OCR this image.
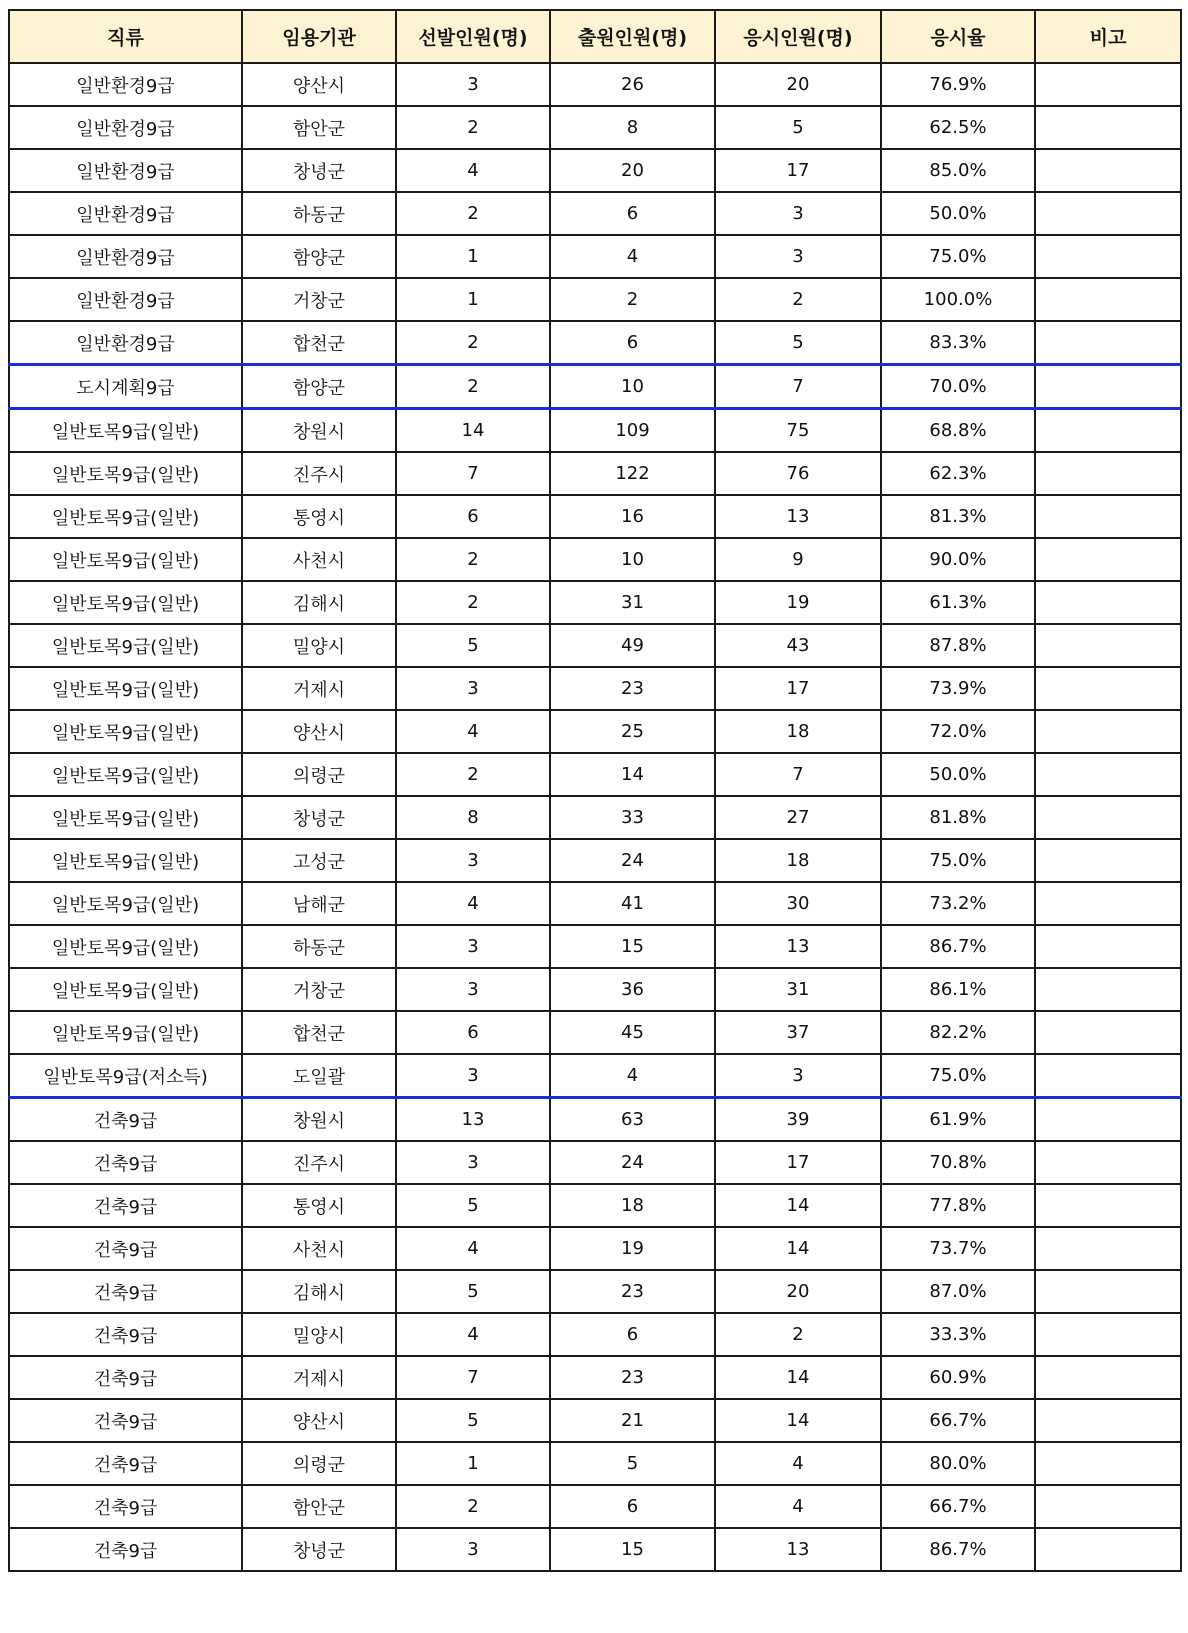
직류	임용기관	선발인원(명)	출원인원(명)	응시인원(명)	응시율	비고
일반환경9급	양산시	3	26	20	76.9%	
일반환경9급	함안군	2	8	5	62.5%	
일반환경9급	창녕군	4	20	17	85.0%	
일반환경9급	하동군	2	6	3	50.0%	
일반환경9급	함양군	1	4	3	75.0%	
일반환경9급	거창군	1	2	2	100.0%	
일반환경9급	합천군	2	6	5	83.3%	
도시계획9급	함양군	2	10	7	70.0%	
일반토목9급(일반)	창원시	14	109	75	68.8%	
일반토목9급(일반)	진주시	7	122	76	62.3%	
일반토목9급(일반)	통영시	6	16	13	81.3%	
일반토목9급(일반)	사천시	2	10	9	90.0%	
일반토목9급(일반)	김해시	2	31	19	61.3%	
일반토목9급(일반)	밀양시	5	49	43	87.8%	
일반토목9급(일반)	거제시	3	23	17	73.9%	
일반토목9급(일반)	양산시	4	25	18	72.0%	
일반토목9급(일반)	의령군	2	14	7	50.0%	
일반토목9급(일반)	창녕군	8	33	27	81.8%	
일반토목9급(일반)	고성군	3	24	18	75.0%	
일반토목9급(일반)	남해군	4	41	30	73.2%	
일반토목9급(일반)	하동군	3	15	13	86.7%	
일반토목9급(일반)	거창군	3	36	31	86.1%	
일반토목9급(일반)	합천군	6	45	37	82.2%	
일반토목9급(저소득)	도일괄	3	4	3	75.0%	
건축9급	창원시	13	63	39	61.9%	
건축9급	진주시	3	24	17	70.8%	
건축9급	통영시	5	18	14	77.8%	
건축9급	사천시	4	19	14	73.7%	
건축9급	김해시	5	23	20	87.0%	
건축9급	밀양시	4	6	2	33.3%	
건축9급	거제시	7	23	14	60.9%	
건축9급	양산시	5	21	14	66.7%	
건축9급	의령군	1	5	4	80.0%	
건축9급	함안군	2	6	4	66.7%	
건축9급	창녕군	3	15	13	86.7%	
